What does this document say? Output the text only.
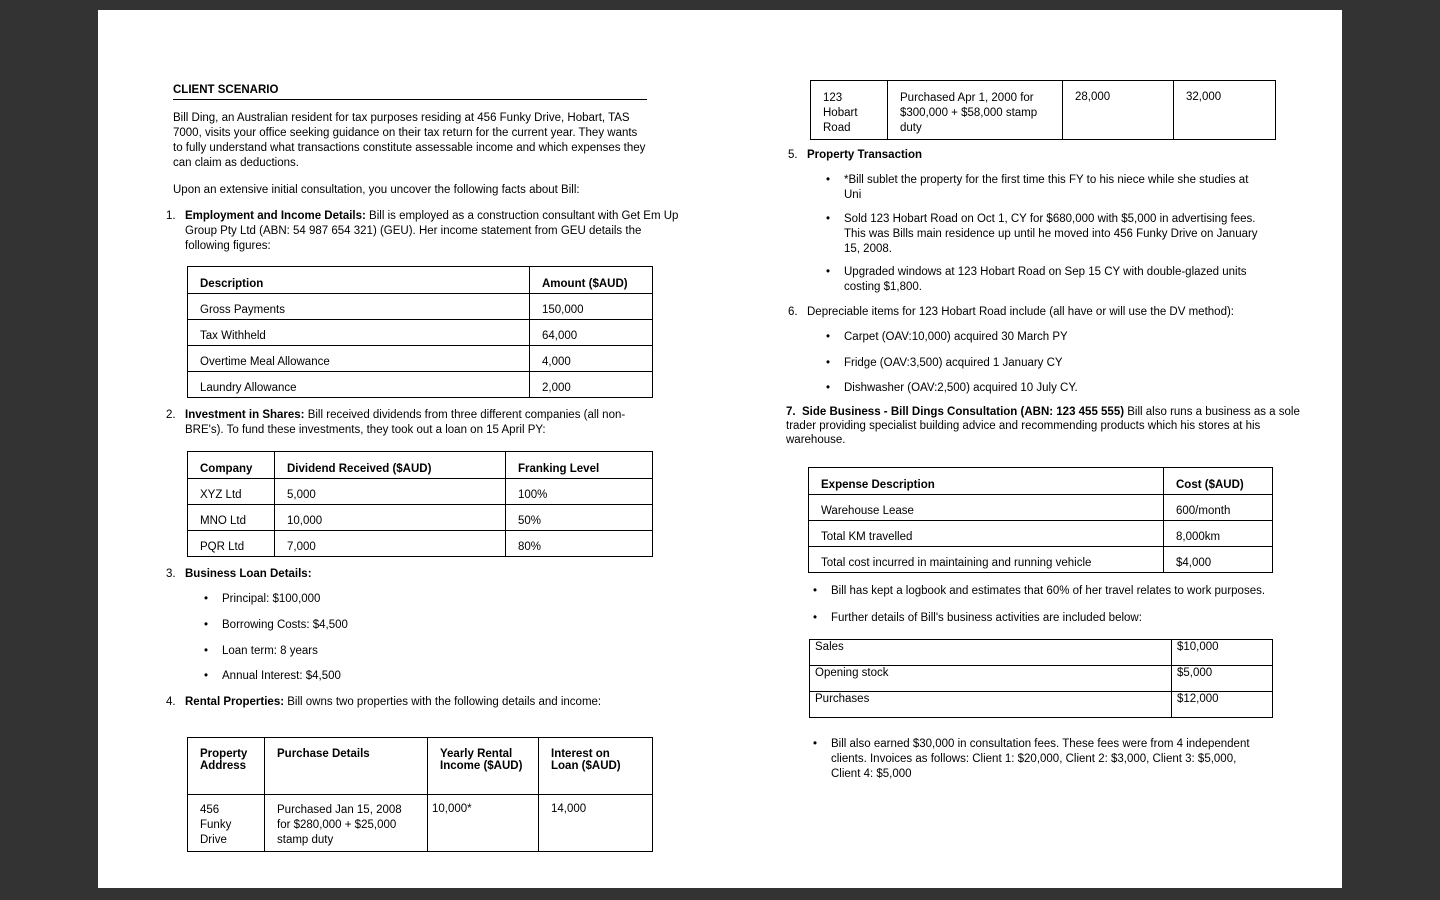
CLIENT SCENARIO
Bill Ding, an Australian resident for tax purposes residing at 456 Funky Drive, Hobart, TAS 7000, visits your office seeking guidance on their tax return for the current year. They wants to fully understand what transactions constitute assessable income and which expenses they can claim as deductions.
Upon an extensive initial consultation, you uncover the following facts about Bill:
1. Employment and Income Details: Bill is employed as a construction consultant with Get Em Up Group Pty Ltd (ABN: 54 987 654 321) (GEU). Her income statement from GEU details the following figures:
Description	Amount ($AUD)
Gross Payments	150,000
Tax Withheld	64,000
Overtime Meal Allowance	4,000
Laundry Allowance	2,000
2. Investment in Shares: Bill received dividends from three different companies (all non-BRE's). To fund these investments, they took out a loan on 15 April PY:
Company	Dividend Received ($AUD)	Franking Level
XYZ Ltd	5,000	100%
MNO Ltd	10,000	50%
PQR Ltd	7,000	80%
3. Business Loan Details:
• Principal: $100,000
• Borrowing Costs: $4,500
• Loan term: 8 years
• Annual Interest: $4,500
4. Rental Properties: Bill owns two properties with the following details and income:
Property Address	Purchase Details	Yearly Rental Income ($AUD)	Interest on Loan ($AUD)
456 Funky Drive	Purchased Jan 15, 2008 for $280,000 + $25,000 stamp duty	10,000*	14,000
123 Hobart Road	Purchased Apr 1, 2000 for $300,000 + $58,000 stamp duty	28,000	32,000
5. Property Transaction
• *Bill sublet the property for the first time this FY to his niece while she studies at Uni
• Sold 123 Hobart Road on Oct 1, CY for $680,000 with $5,000 in advertising fees. This was Bills main residence up until he moved into 456 Funky Drive on January 15, 2008.
• Upgraded windows at 123 Hobart Road on Sep 15 CY with double-glazed units costing $1,800.
6. Depreciable items for 123 Hobart Road include (all have or will use the DV method):
• Carpet (OAV:10,000) acquired 30 March PY
• Fridge (OAV:3,500) acquired 1 January CY
• Dishwasher (OAV:2,500) acquired 10 July CY.
7. Side Business - Bill Dings Consultation (ABN: 123 455 555) Bill also runs a business as a sole trader providing specialist building advice and recommending products which his stores at his warehouse.
Expense Description	Cost ($AUD)
Warehouse Lease	600/month
Total KM travelled	8,000km
Total cost incurred in maintaining and running vehicle	$4,000
• Bill has kept a logbook and estimates that 60% of her travel relates to work purposes.
• Further details of Bill's business activities are included below:
Sales	$10,000
Opening stock	$5,000
Purchases	$12,000
• Bill also earned $30,000 in consultation fees. These fees were from 4 independent clients. Invoices as follows: Client 1: $20,000, Client 2: $3,000, Client 3: $5,000, Client 4: $5,000
